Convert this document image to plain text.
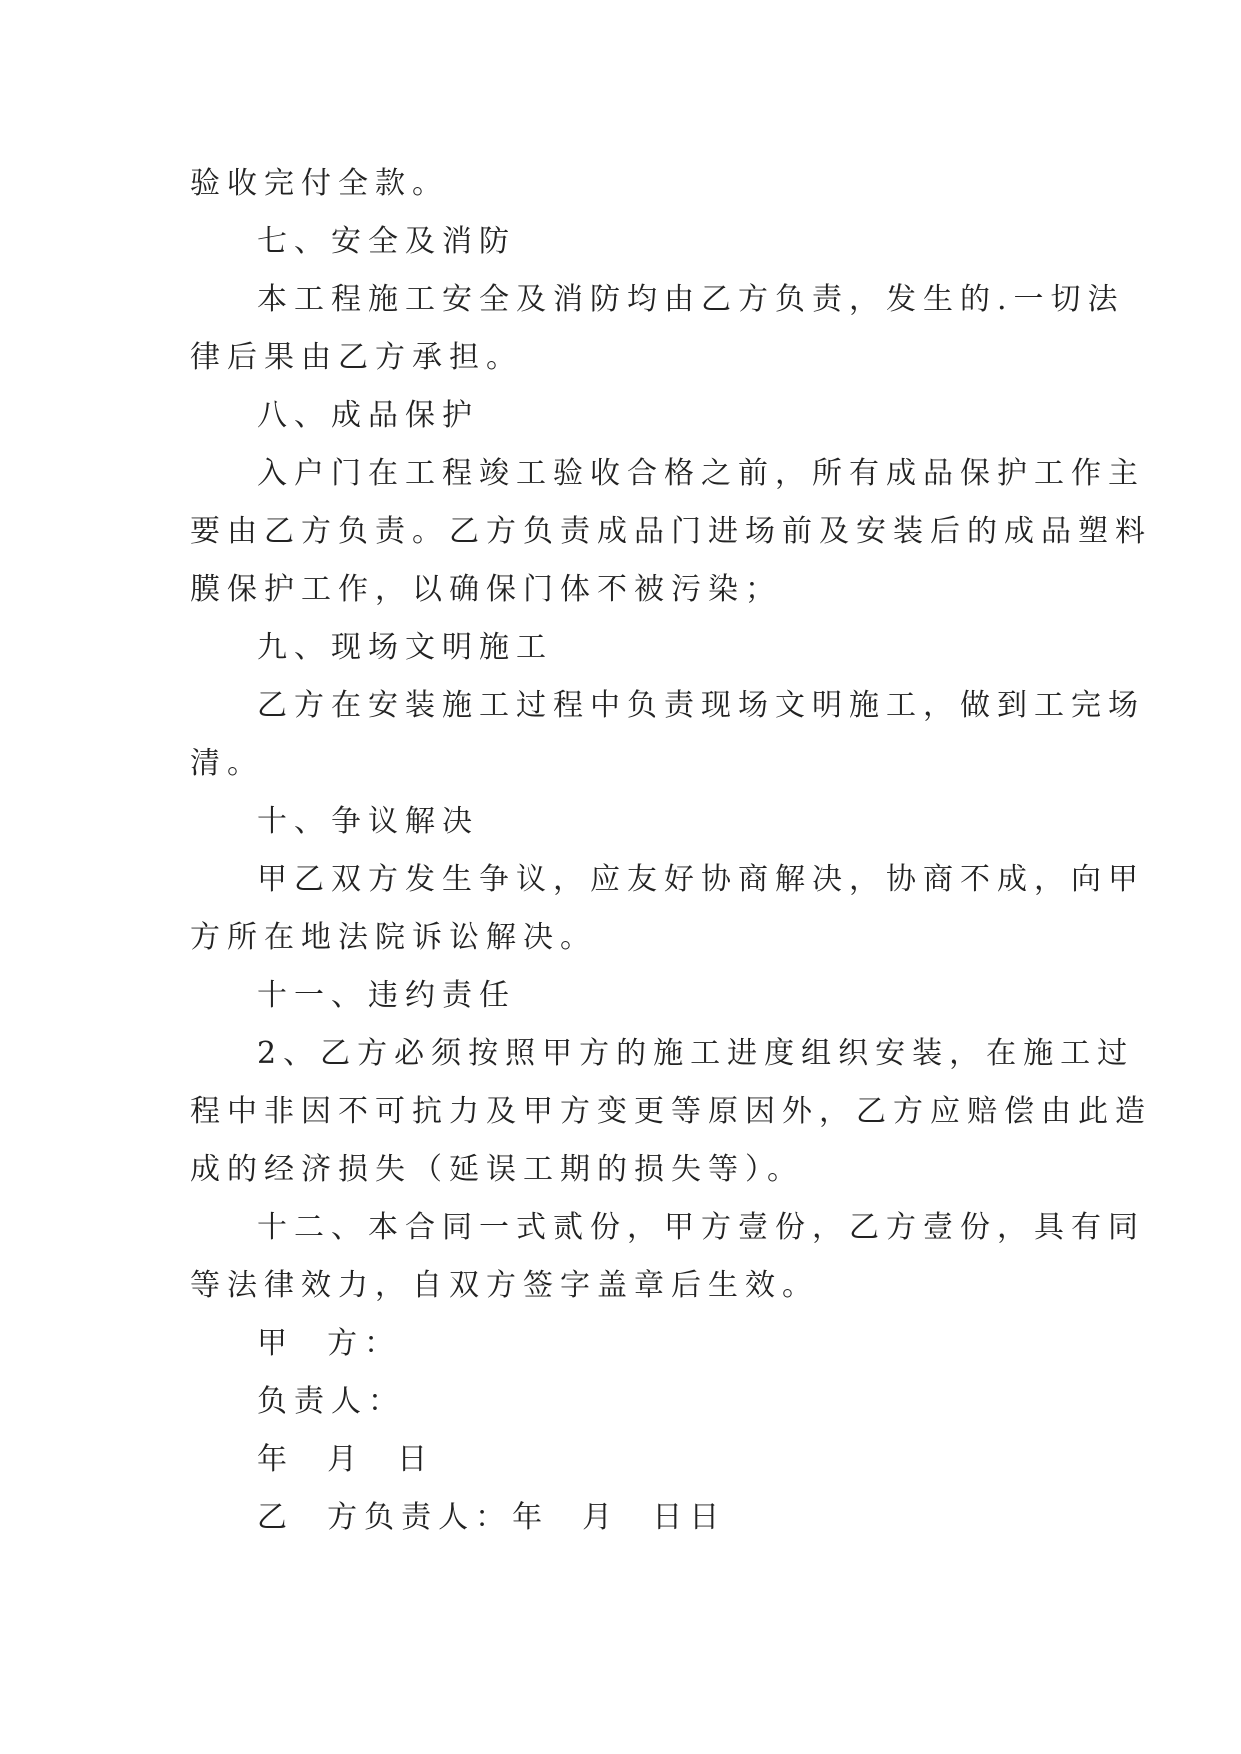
验收完付全款。
七、安全及消防
本工程施工安全及消防均由乙方负责，发生的.一切法
律后果由乙方承担。
八、成品保护
入户门在工程竣工验收合格之前，所有成品保护工作主
要由乙方负责。乙方负责成品门进场前及安装后的成品塑料
膜保护工作，以确保门体不被污染；
九、现场文明施工
乙方在安装施工过程中负责现场文明施工，做到工完场
清。
十、争议解决
甲乙双方发生争议，应友好协商解决，协商不成，向甲
方所在地法院诉讼解决。
十一、违约责任
2、乙方必须按照甲方的施工进度组织安装，在施工过
程中非因不可抗力及甲方变更等原因外，乙方应赔偿由此造
成的经济损失（延误工期的损失等）。
十二、本合同一式贰份，甲方壹份，乙方壹份，具有同
等法律效力，自双方签字盖章后生效。
甲  方：
负责人：
年  月  日
乙  方负责人：年  月  日日
